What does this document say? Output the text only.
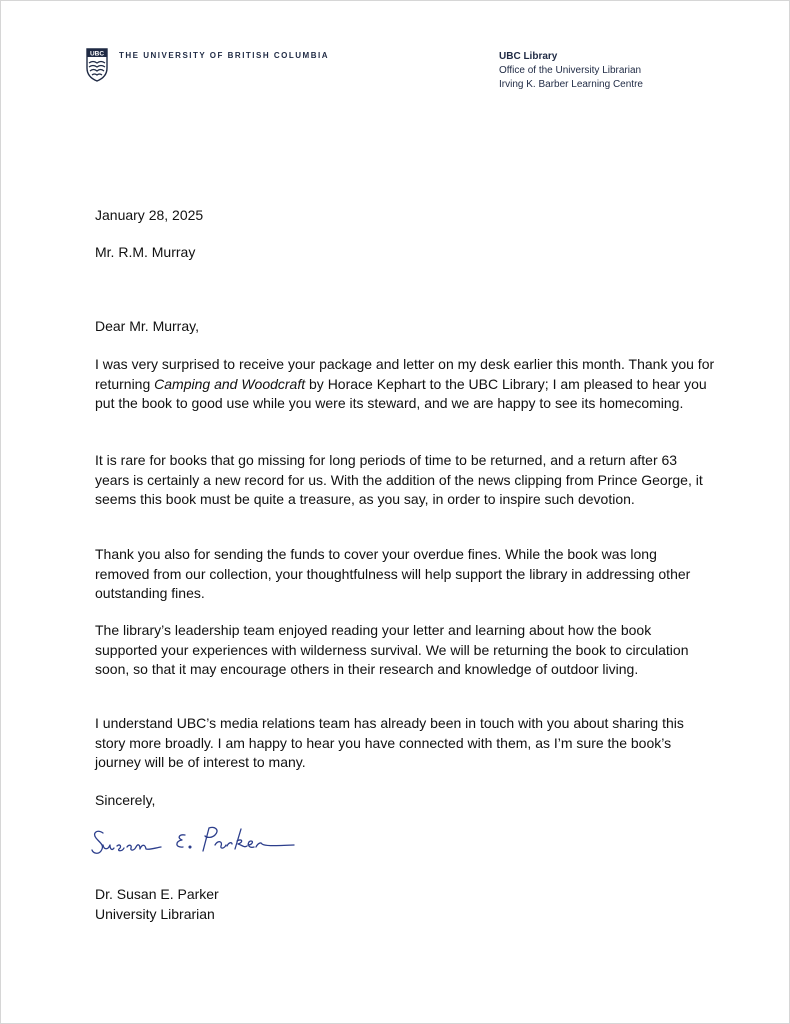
UBC THE UNIVERSITY OF BRITISH COLUMBIA	UBC Library
Office of the University Librarian
Irving K. Barber Learning Centre
January 28, 2025
Mr. R.M. Murray
Dear Mr. Murray,
I was very surprised to receive your package and letter on my desk earlier this month. Thank you for returning Camping and Woodcraft by Horace Kephart to the UBC Library; I am pleased to hear you put the book to good use while you were its steward, and we are happy to see its homecoming.
It is rare for books that go missing for long periods of time to be returned, and a return after 63 years is certainly a new record for us. With the addition of the news clipping from Prince George, it seems this book must be quite a treasure, as you say, in order to inspire such devotion.
Thank you also for sending the funds to cover your overdue fines. While the book was long removed from our collection, your thoughtfulness will help support the library in addressing other outstanding fines.
The library’s leadership team enjoyed reading your letter and learning about how the book supported your experiences with wilderness survival. We will be returning the book to circulation soon, so that it may encourage others in their research and knowledge of outdoor living.
I understand UBC’s media relations team has already been in touch with you about sharing this story more broadly. I am happy to hear you have connected with them, as I’m sure the book’s journey will be of interest to many.
Sincerely,
Dr. Susan E. Parker
University Librarian
